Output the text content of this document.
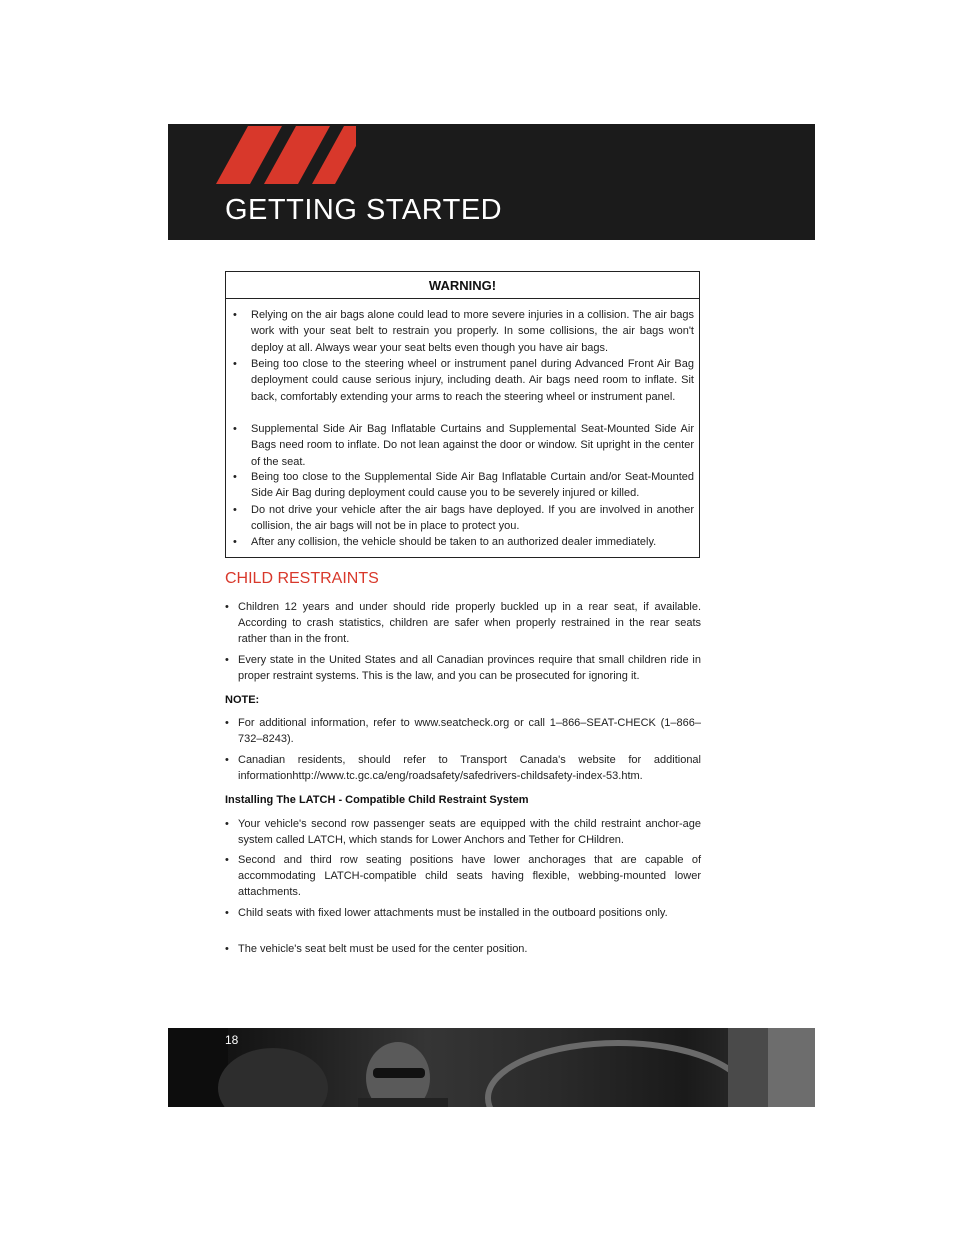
GETTING STARTED
WARNING!
• Relying on the air bags alone could lead to more severe injuries in a collision. The air bags work with your seat belt to restrain you properly. In some collisions, the air bags won't deploy at all. Always wear your seat belts even though you have air bags.
• Being too close to the steering wheel or instrument panel during Advanced Front Air Bag deployment could cause serious injury, including death. Air bags need room to inflate. Sit back, comfortably extending your arms to reach the steering wheel or instrument panel.
• Supplemental Side Air Bag Inflatable Curtains and Supplemental Seat-Mounted Side Air Bags need room to inflate. Do not lean against the door or window. Sit upright in the center of the seat.
• Being too close to the Supplemental Side Air Bag Inflatable Curtain and/or Seat-Mounted Side Air Bag during deployment could cause you to be severely injured or killed.
• Do not drive your vehicle after the air bags have deployed. If you are involved in another collision, the air bags will not be in place to protect you.
• After any collision, the vehicle should be taken to an authorized dealer immediately.
CHILD RESTRAINTS
• Children 12 years and under should ride properly buckled up in a rear seat, if available. According to crash statistics, children are safer when properly restrained in the rear seats rather than in the front.
• Every state in the United States and all Canadian provinces require that small children ride in proper restraint systems. This is the law, and you can be prosecuted for ignoring it.
NOTE:
• For additional information, refer to www.seatcheck.org or call 1–866–SEAT-CHECK (1–866–732–8243).
• Canadian residents, should refer to Transport Canada's website for additional informationhttp://www.tc.gc.ca/eng/roadsafety/safedrivers-childsafety-index-53.htm.
Installing The LATCH - Compatible Child Restraint System
• Your vehicle's second row passenger seats are equipped with the child restraint anchor-age system called LATCH, which stands for Lower Anchors and Tether for CHildren.
• Second and third row seating positions have lower anchorages that are capable of accommodating LATCH-compatible child seats having flexible, webbing-mounted lower attachments.
• Child seats with fixed lower attachments must be installed in the outboard positions only.
• The vehicle's seat belt must be used for the center position.
18
